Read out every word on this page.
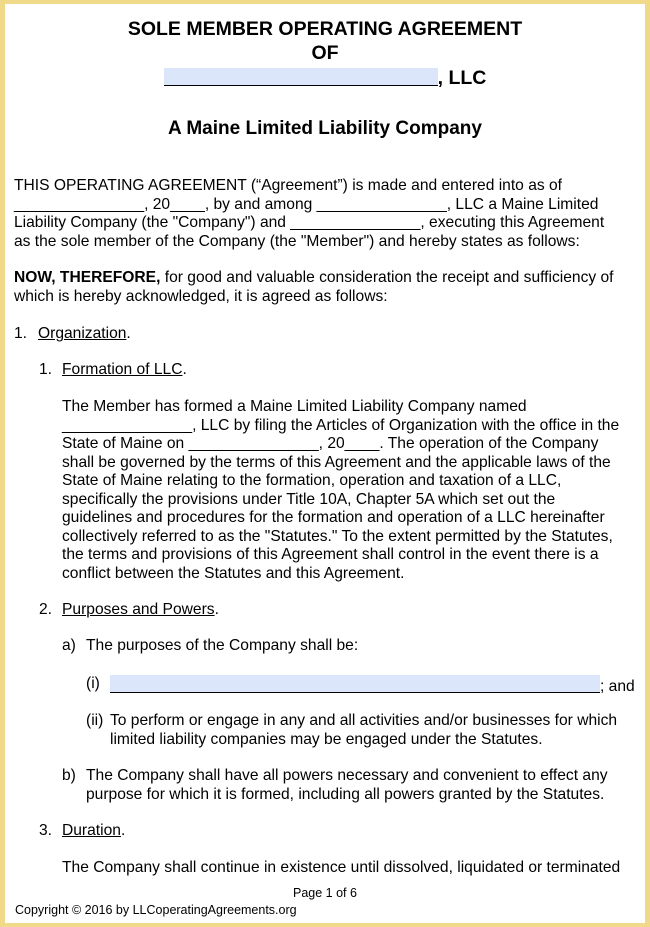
SOLE MEMBER OPERATING AGREEMENT
OF
, LLC
A Maine Limited Liability Company

THIS OPERATING AGREEMENT (“Agreement”) is made and entered into as of

_______________, 20____, by and among _______________, LLC a Maine Limited

Liability Company (the "Company") and _______________, executing this Agreement

as the sole member of the Company (the "Member") and hereby states as follows:

NOW, THEREFORE, for good and valuable consideration the receipt and sufficiency of

which is hereby acknowledged, it is agreed as follows:

1. Organization.
1. Formation of LLC.

The Member has formed a Maine Limited Liability Company named

_______________, LLC by filing the Articles of Organization with the office in the

State of Maine on _______________, 20____. The operation of the Company

shall be governed by the terms of this Agreement and the applicable laws of the

State of Maine relating to the formation, operation and taxation of a LLC,

specifically the provisions under Title 10A, Chapter 5A which set out the

guidelines and procedures for the formation and operation of a LLC hereinafter

collectively referred to as the "Statutes." To the extent permitted by the Statutes,

the terms and provisions of this Agreement shall control in the event there is a

conflict between the Statutes and this Agreement.

2. Purposes and Powers.
a) The purposes of the Company shall be:
(i)	; and
(ii) To perform or engage in any and all activities and/or businesses for which

limited liability companies may be engaged under the Statutes.

b) The Company shall have all powers necessary and convenient to effect any

purpose for which it is formed, including all powers granted by the Statutes.

3. Duration.
The Company shall continue in existence until dissolved, liquidated or terminated
Page 1 of 6
Copyright © 2016 by LLCoperatingAgreements.org
